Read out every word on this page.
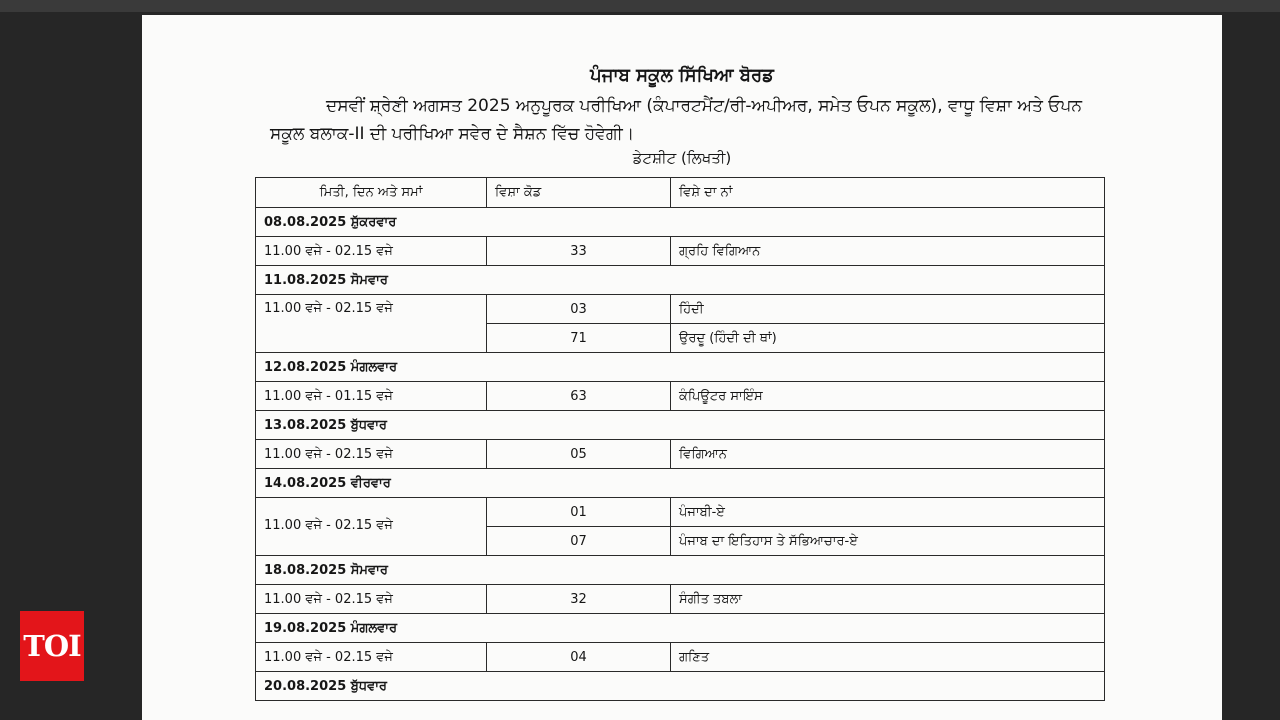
ਪੰਜਾਬ ਸਕੂਲ ਸਿੱਖਿਆ ਬੋਰਡ
ਦਸਵੀਂ ਸ਼੍ਰੇਣੀ ਅਗਸਤ 2025 ਅਨੁਪੂਰਕ ਪਰੀਖਿਆ (ਕੰਪਾਰਟਮੈਂਟ/ਰੀ-ਅਪੀਅਰ, ਸਮੇਤ ਓਪਨ ਸਕੂਲ), ਵਾਧੂ ਵਿਸ਼ਾ ਅਤੇ ਓਪਨ ਸਕੂਲ ਬਲਾਕ-II ਦੀ ਪਰੀਖਿਆ ਸਵੇਰ ਦੇ ਸੈਸ਼ਨ ਵਿੱਚ ਹੋਵੇਗੀ।
ਡੇਟਸ਼ੀਟ (ਲਿਖਤੀ)
ਮਿਤੀ, ਦਿਨ ਅਤੇ ਸਮਾਂ	ਵਿਸ਼ਾ ਕੋਡ	ਵਿਸ਼ੇ ਦਾ ਨਾਂ
08.08.2025 ਸ਼ੁੱਕਰਵਾਰ		
11.00 ਵਜੇ - 02.15 ਵਜੇ	33	ਗ੍ਰਹਿ ਵਿਗਿਆਨ
11.08.2025 ਸੋਮਵਾਰ		
11.00 ਵਜੇ - 02.15 ਵਜੇ	03	ਹਿੰਦੀ
	71	ਉਰਦੂ (ਹਿੰਦੀ ਦੀ ਥਾਂ)
12.08.2025 ਮੰਗਲਵਾਰ		
11.00 ਵਜੇ - 01.15 ਵਜੇ	63	ਕੰਪਿਊਟਰ ਸਾਇੰਸ
13.08.2025 ਬੁੱਧਵਾਰ		
11.00 ਵਜੇ - 02.15 ਵਜੇ	05	ਵਿਗਿਆਨ
14.08.2025 ਵੀਰਵਾਰ		
11.00 ਵਜੇ - 02.15 ਵਜੇ	01	ਪੰਜਾਬੀ-ਏ
	07	ਪੰਜਾਬ ਦਾ ਇਤਿਹਾਸ ਤੇ ਸੱਭਿਆਚਾਰ-ਏ
18.08.2025 ਸੋਮਵਾਰ		
11.00 ਵਜੇ - 02.15 ਵਜੇ	32	ਸੰਗੀਤ ਤਬਲਾ
19.08.2025 ਮੰਗਲਵਾਰ		
11.00 ਵਜੇ - 02.15 ਵਜੇ	04	ਗਣਿਤ
20.08.2025 ਬੁੱਧਵਾਰ		
TOI
